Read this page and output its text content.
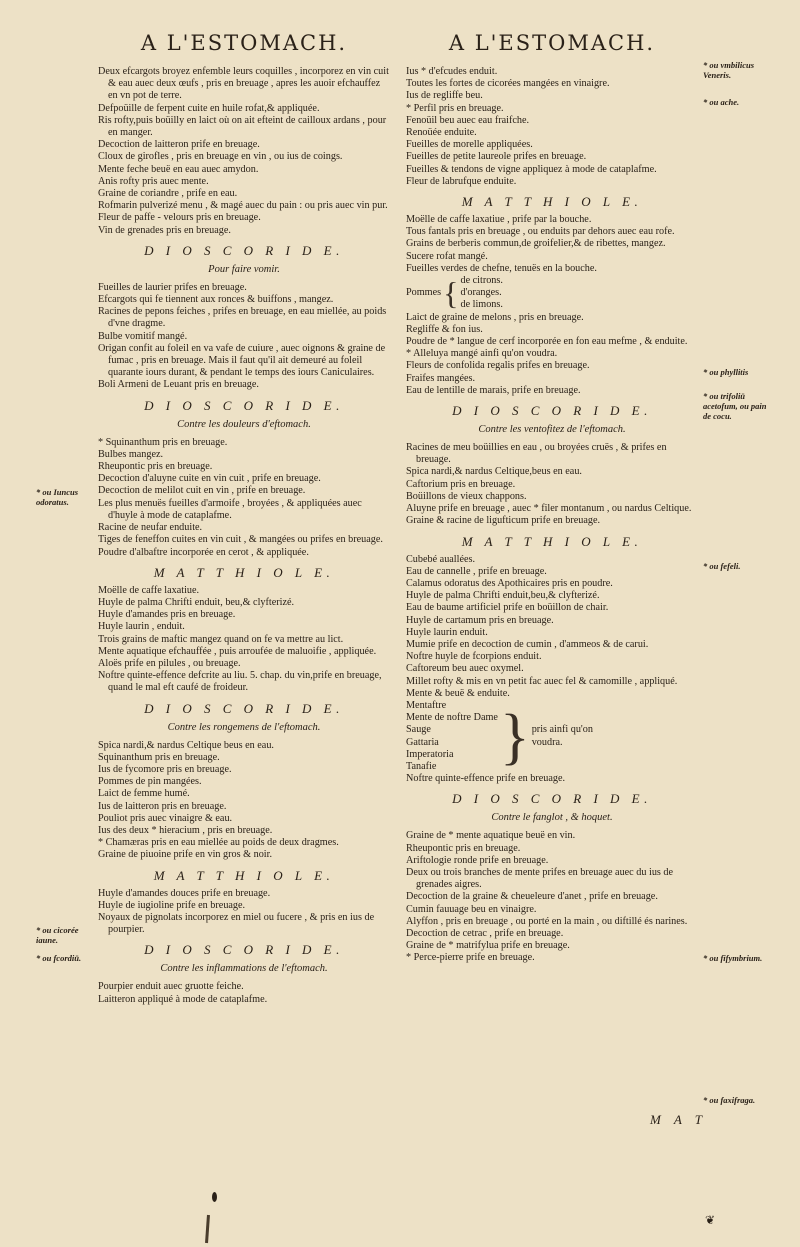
A L'ESTOMACH.
Deux efcargots broyez enfemble leurs coquilles , incorporez en vin cuit & eau auec deux œufs , pris en breuage , apres les auoir efchauffez en vn pot de terre.
Defpoüille de ferpent cuite en huile rofat,& appliquée.
Ris rofty,puis boüilly en laict où on ait efteint de cailloux ardans , pour en manger.
Decoction de laitteron prife en breuage.
Cloux de girofles , pris en breuage en vin , ou ius de coings.
Mente feche beuë en eau auec amydon.
Anis rofty pris auec mente.
Graine de coriandre , prife en eau.
Rofmarin pulverizé menu , & magé auec du pain : ou pris auec vin pur.
Fleur de paffe - velours pris en breuage.
Vin de grenades pris en breuage.
D I O S C O R I D E.
Pour faire vomir.
Fueilles de laurier prifes en breuage.
Efcargots qui fe tiennent aux ronces & buiffons , mangez.
Racines de pepons feiches , prifes en breuage, en eau miellée, au poids d'vne dragme.
Bulbe vomitif mangé.
Origan confit au foleil en va vafe de cuiure , auec oignons & graine de fumac , pris en breuage. Mais il faut qu'il ait demeuré au foleil quarante iours durant, & pendant le temps des iours Caniculaires.
Boli Armeni de Leuant pris en breuage.
D I O S C O R I D E.
Contre les douleurs d'eftomach.
* Squinanthum pris en breuage.
Bulbes mangez.
Rheupontic pris en breuage.
Decoction d'aluyne cuite en vin cuit , prife en breuage.
Decoction de melilot cuit en vin , prife en breuage.
Les plus menuës fueilles d'armoife , broyées , & appliquées auec d'huyle à mode de cataplafme.
Racine de neufar enduite.
Tiges de feneffon cuites en vin cuit , & mangées ou prifes en breuage.
Poudre d'albaftre incorporée en cerot , & appliquée.
M A T T H I O L E.
Moëlle de caffe laxatiue.
Huyle de palma Chrifti enduit, beu,& clyfterizé.
Huyle d'amandes pris en breuage.
Huyle laurin , enduit.
Trois grains de maftic mangez quand on fe va mettre au lict.
Mente aquatique efchauffée , puis arroufée de maluoifie , appliquée.
Aloës prife en pilules , ou breuage.
Noftre quinte-effence defcrite au liu. 5. chap. du vin,prife en breuage, quand le mal eft caufé de froideur.
D I O S C O R I D E.
Contre les rongemens de l'eftomach.
Spica nardi,& nardus Celtique beus en eau.
Squinanthum pris en breuage.
Ius de fycomore pris en breuage.
Pommes de pin mangées.
Laict de femme humé.
Ius de laitteron pris en breuage.
Pouliot pris auec vinaigre & eau.
Ius des deux * hieracium , pris en breuage.
* Chamæras pris en eau miellée au poids de deux dragmes.
Graine de piuoine prife en vin gros & noir.
M A T T H I O L E.
Huyle d'amandes douces prife en breuage.
Huyle de iugioline prife en breuage.
Noyaux de pignolats incorporez en miel ou fucere , & pris en ius de pourpier.
D I O S C O R I D E.
Contre les inflammations de l'eftomach.
Pourpier enduit auec gruotte feiche.
Laitteron appliqué à mode de cataplafme.
* ou Iuncus odoratus.
* ou cicorée iaune.
* ou fcordiü.
A L'ESTOMACH.
Ius * d'efcudes enduit.
Toutes les fortes de cicorées mangées en vinaigre.
Ius de regliffe beu.
* Perfil pris en breuage.
Fenoüil beu auec eau fraifche.
Renoüée enduite.
Fueilles de morelle appliquées.
Fueilles de petite laureole prifes en breuage.
Fueilles & tendons de vigne appliquez à mode de cataplafme.
Fleur de labrufque enduite.
M A T T H I O L E.
Moëlle de caffe laxatiue , prife par la bouche.
Tous fantals pris en breuage , ou enduits par dehors auec eau rofe.
Grains de berberis commun,de groifelier,& de ribettes, mangez.
Sucere rofat mangé.
Fueilles verdes de chefne, tenuës en la bouche.
Pommes { de citrons.
d'oranges.
de limons.
Laict de graine de melons , pris en breuage.
Regliffe & fon ius.
Poudre de * langue de cerf incorporée en fon eau mefme , & enduite.
* Alleluya mangé ainfi qu'on voudra.
Fleurs de confolida regalis prifes en breuage.
Fraifes mangées.
Eau de lentille de marais, prife en breuage.
D I O S C O R I D E.
Contre les ventofitez de l'eftomach.
Racines de meu boüillies en eau , ou broyées cruës , & prifes en breuage.
Spica nardi,& nardus Celtique,beus en eau.
Caftorium pris en breuage.
Boüillons de vieux chappons.
Aluyne prife en breuage , auec * filer montanum , ou nardus Celtique.
Graine & racine de ligufticum prife en breuage.
M A T T H I O L E.
Cubebé auallées.
Eau de cannelle , prife en breuage.
Calamus odoratus des Apothicaires pris en poudre.
Huyle de palma Chrifti enduit,beu,& clyfterizé.
Eau de baume artificiel prife en boüillon de chair.
Huyle de cartamum pris en breuage.
Huyle laurin enduit.
Mumie prife en decoction de cumin , d'ammeos & de carui.
Noftre huyle de fcorpions enduit.
Caftoreum beu auec oxymel.
Millet rofty & mis en vn petit fac auec fel & camomille , appliqué.
Mente & beuë & enduite.
Mentaftre
Mente de noftre Dame
Sauge
Gattaria
Imperatoria
Tanafie	} pris ainfi qu'on voudra.
Noftre quinte-effence prife en breuage.
D I O S C O R I D E.
Contre le fanglot , & hoquet.
Graine de * mente aquatique beuë en vin.
Rheupontic pris en breuage.
Ariftologie ronde prife en breuage.
Deux ou trois branches de mente prifes en breuage auec du ius de grenades aigres.
Decoction de la graine & cheueleure d'anet , prife en breuage.
Cumin fauuage beu en vinaigre.
Alyffon , pris en breuage , ou porté en la main , ou diftillé és narines.
Decoction de cetrac , prife en breuage.
Graine de * matrifylua prife en breuage.
* Perce-pierre prife en breuage.
* ou vmbilicus Veneris.
* ou ache.
* ou phyllitis
* ou trifoliü acetofum, ou pain de cocu.
* ou fefeli.
* ou fifymbrium.
* ou faxifraga.
M A T
❦
